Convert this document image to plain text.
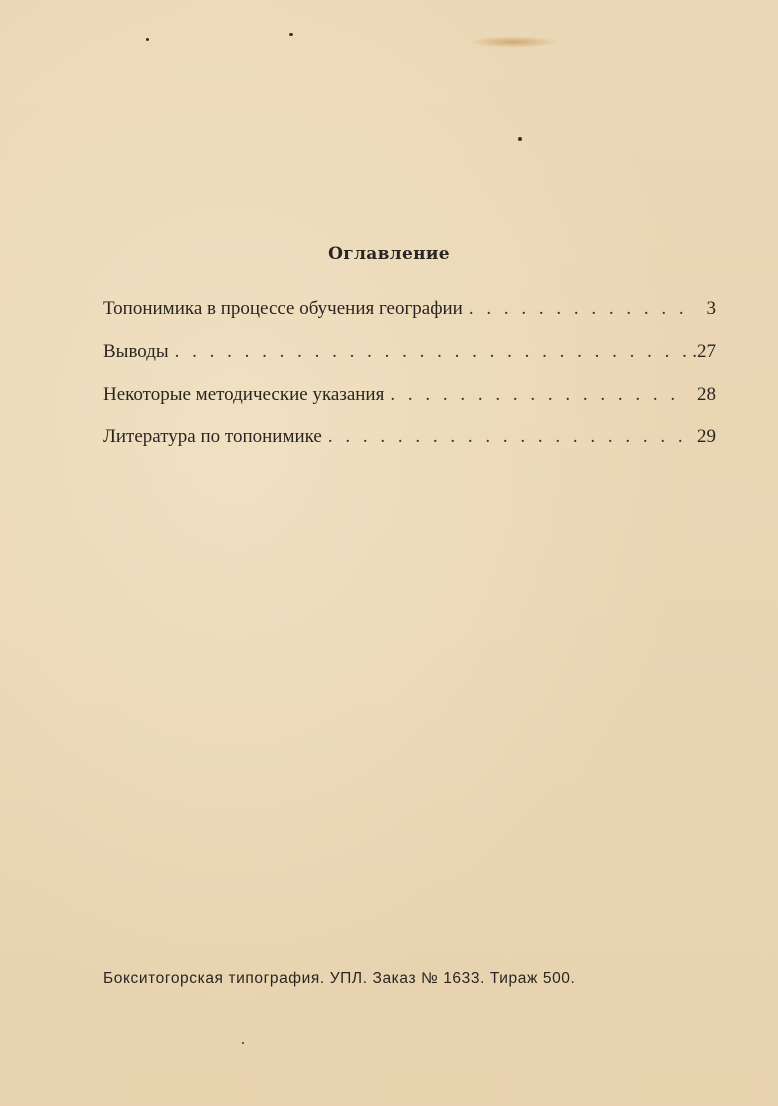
Оглавление
Топонимика в процессе обучения географии . . .	3
Выводы . . .	.27
Некоторые методические указания . . .	28
Литература по топонимике . . .	29
Бокситогорская типография. УПЛ. Заказ № 1633. Тираж 500.
